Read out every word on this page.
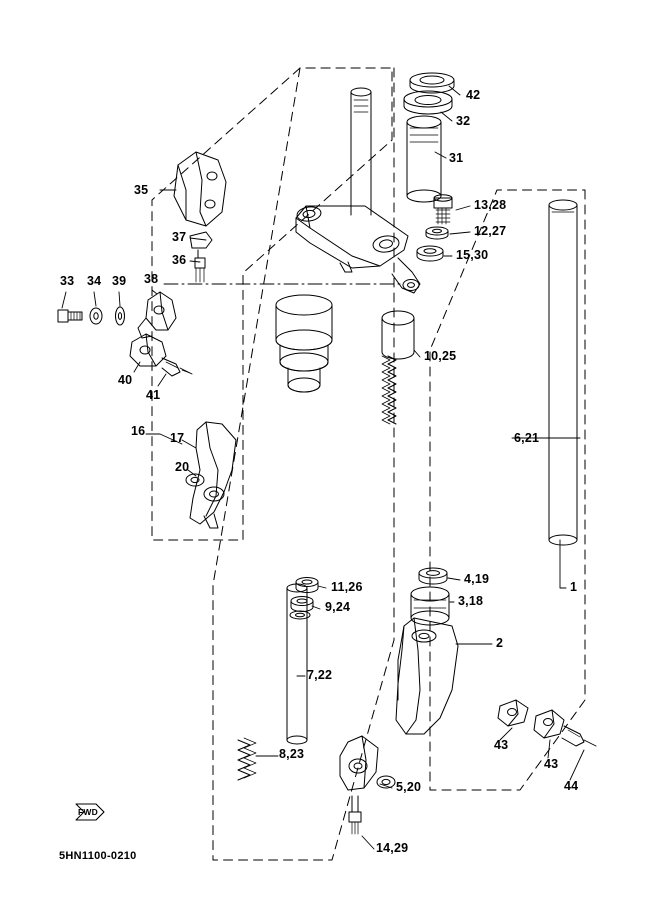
42
32
31
35
13,28
12,27
37
15,30
36
33 34 39 38
10,25
40
41
16 17	6,21
20
11,26
4,19
1
3,18
9,24
2
7,22
8,23
43
43
44
5,20
14,29
FWD
5HN1100-0210
